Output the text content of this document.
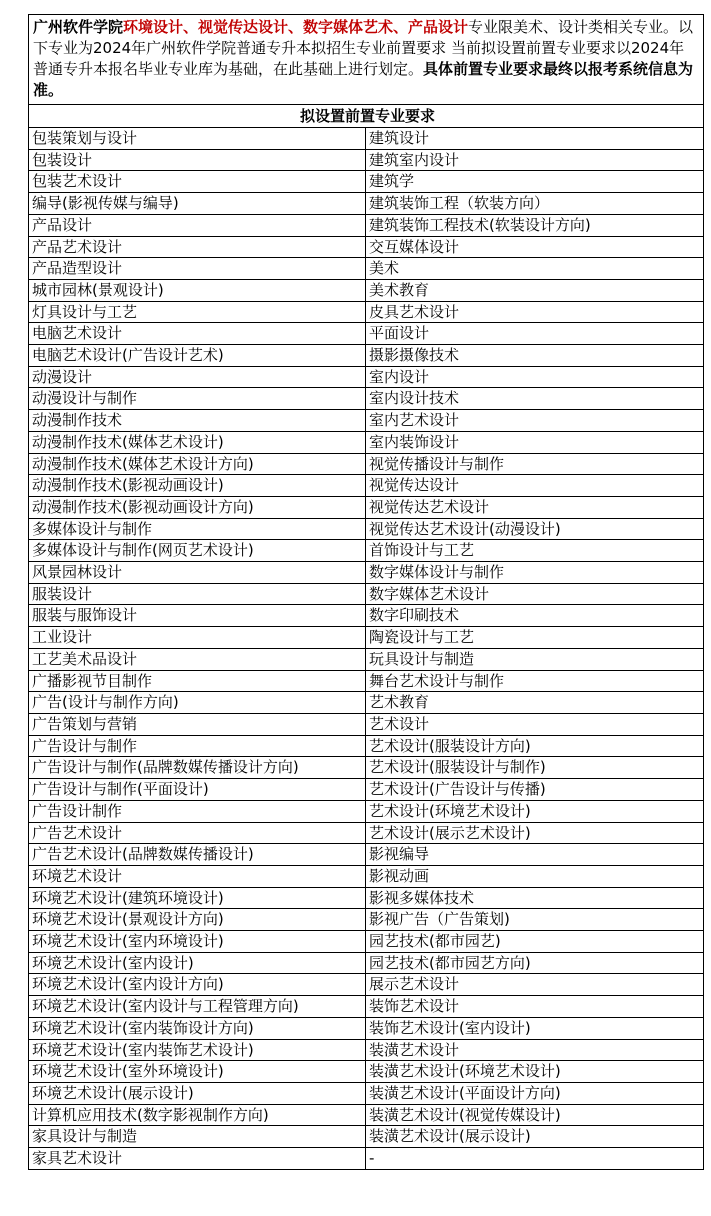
广州软件学院环境设计、视觉传达设计、数字媒体艺术、产品设计专业限美术、设计类相关专业。以下专业为2024年广州软件学院普通专升本拟招生专业前置要求 当前拟设置前置专业要求以2024年普通专升本报名毕业专业库为基础，在此基础上进行划定。具体前置专业要求最终以报考系统信息为准。	
拟设置前置专业要求	
包装策划与设计	建筑设计
包装设计	建筑室内设计
包装艺术设计	建筑学
编导(影视传媒与编导)	建筑装饰工程（软装方向）
产品设计	建筑装饰工程技术(软装设计方向)
产品艺术设计	交互媒体设计
产品造型设计	美术
城市园林(景观设计)	美术教育
灯具设计与工艺	皮具艺术设计
电脑艺术设计	平面设计
电脑艺术设计(广告设计艺术)	摄影摄像技术
动漫设计	室内设计
动漫设计与制作	室内设计技术
动漫制作技术	室内艺术设计
动漫制作技术(媒体艺术设计)	室内装饰设计
动漫制作技术(媒体艺术设计方向)	视觉传播设计与制作
动漫制作技术(影视动画设计)	视觉传达设计
动漫制作技术(影视动画设计方向)	视觉传达艺术设计
多媒体设计与制作	视觉传达艺术设计(动漫设计)
多媒体设计与制作(网页艺术设计)	首饰设计与工艺
风景园林设计	数字媒体设计与制作
服装设计	数字媒体艺术设计
服装与服饰设计	数字印刷技术
工业设计	陶瓷设计与工艺
工艺美术品设计	玩具设计与制造
广播影视节目制作	舞台艺术设计与制作
广告(设计与制作方向)	艺术教育
广告策划与营销	艺术设计
广告设计与制作	艺术设计(服装设计方向)
广告设计与制作(品牌数媒传播设计方向)	艺术设计(服装设计与制作)
广告设计与制作(平面设计)	艺术设计(广告设计与传播)
广告设计制作	艺术设计(环境艺术设计)
广告艺术设计	艺术设计(展示艺术设计)
广告艺术设计(品牌数媒传播设计)	影视编导
环境艺术设计	影视动画
环境艺术设计(建筑环境设计)	影视多媒体技术
环境艺术设计(景观设计方向)	影视广告（广告策划)
环境艺术设计(室内环境设计)	园艺技术(都市园艺)
环境艺术设计(室内设计)	园艺技术(都市园艺方向)
环境艺术设计(室内设计方向)	展示艺术设计
环境艺术设计(室内设计与工程管理方向)	装饰艺术设计
环境艺术设计(室内装饰设计方向)	装饰艺术设计(室内设计)
环境艺术设计(室内装饰艺术设计)	装潢艺术设计
环境艺术设计(室外环境设计)	装潢艺术设计(环境艺术设计)
环境艺术设计(展示设计)	装潢艺术设计(平面设计方向)
计算机应用技术(数字影视制作方向)	装潢艺术设计(视觉传媒设计)
家具设计与制造	装潢艺术设计(展示设计)
家具艺术设计	-
